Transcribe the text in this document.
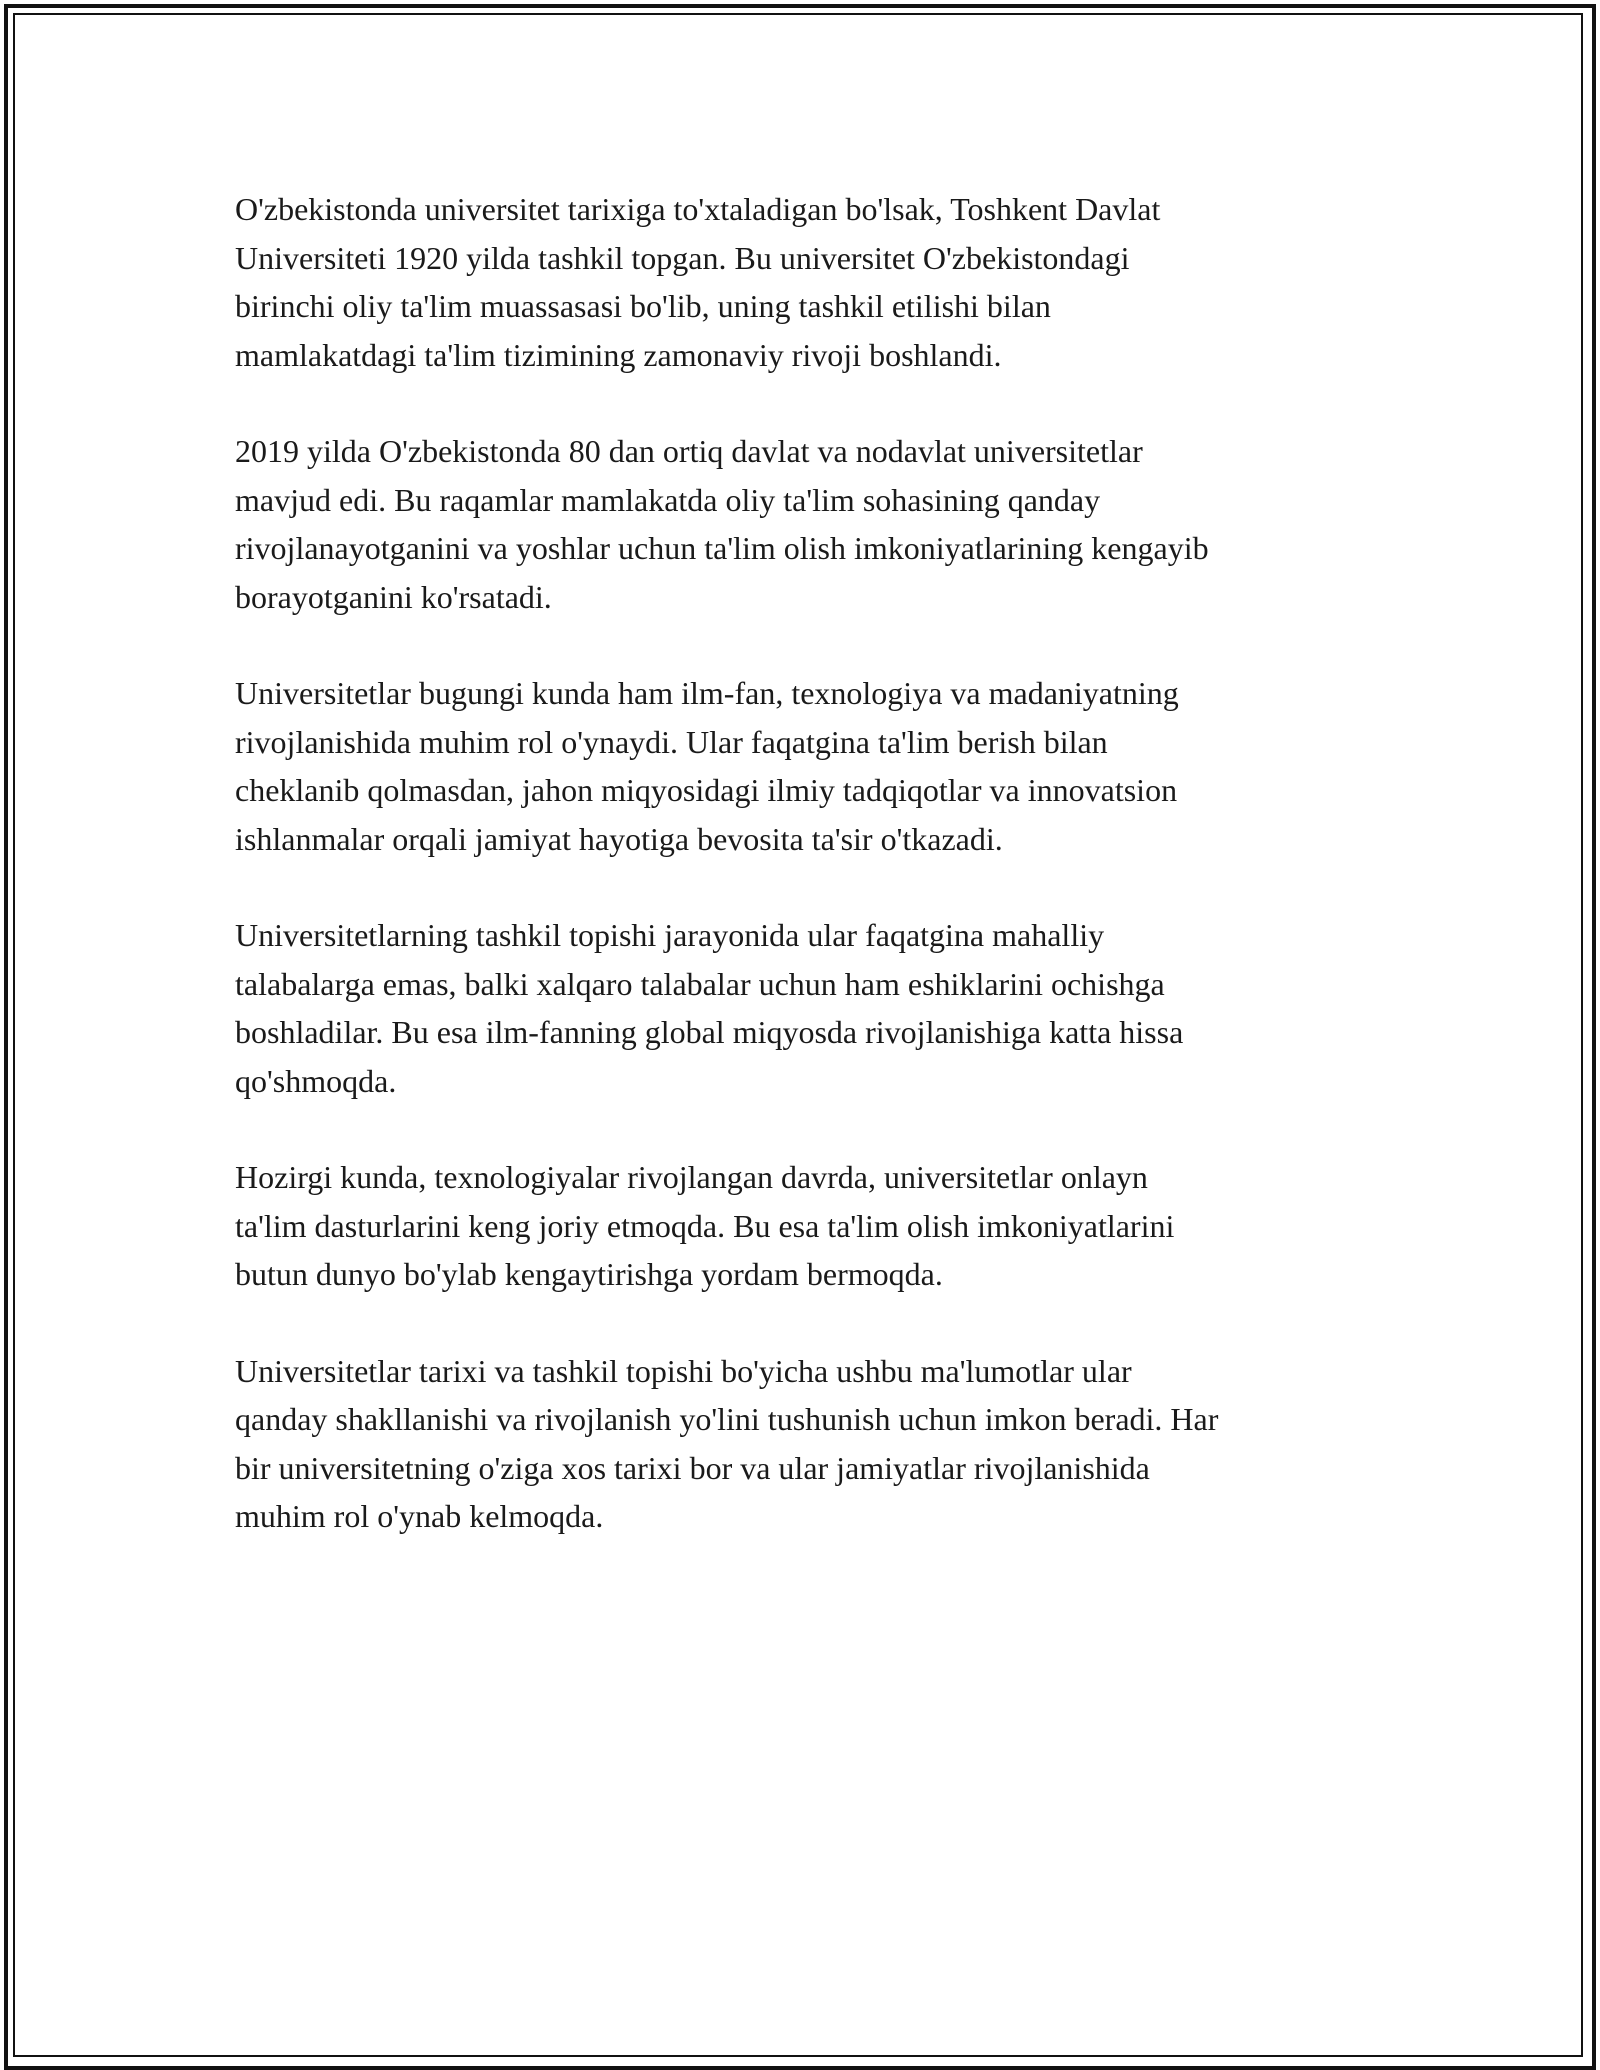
O'zbekistonda universitet tarixiga to'xtaladigan bo'lsak, Toshkent Davlat
Universiteti 1920 yilda tashkil topgan. Bu universitet O'zbekistondagi
birinchi oliy ta'lim muassasasi bo'lib, uning tashkil etilishi bilan
mamlakatdagi ta'lim tizimining zamonaviy rivoji boshlandi.

2019 yilda O'zbekistonda 80 dan ortiq davlat va nodavlat universitetlar
mavjud edi. Bu raqamlar mamlakatda oliy ta'lim sohasining qanday
rivojlanayotganini va yoshlar uchun ta'lim olish imkoniyatlarining kengayib
borayotganini ko'rsatadi.

Universitetlar bugungi kunda ham ilm-fan, texnologiya va madaniyatning
rivojlanishida muhim rol o'ynaydi. Ular faqatgina ta'lim berish bilan
cheklanib qolmasdan, jahon miqyosidagi ilmiy tadqiqotlar va innovatsion
ishlanmalar orqali jamiyat hayotiga bevosita ta'sir o'tkazadi.

Universitetlarning tashkil topishi jarayonida ular faqatgina mahalliy
talabalarga emas, balki xalqaro talabalar uchun ham eshiklarini ochishga
boshladilar. Bu esa ilm-fanning global miqyosda rivojlanishiga katta hissa
qo'shmoqda.

Hozirgi kunda, texnologiyalar rivojlangan davrda, universitetlar onlayn
ta'lim dasturlarini keng joriy etmoqda. Bu esa ta'lim olish imkoniyatlarini
butun dunyo bo'ylab kengaytirishga yordam bermoqda.

Universitetlar tarixi va tashkil topishi bo'yicha ushbu ma'lumotlar ular
qanday shakllanishi va rivojlanish yo'lini tushunish uchun imkon beradi. Har
bir universitetning o'ziga xos tarixi bor va ular jamiyatlar rivojlanishida
muhim rol o'ynab kelmoqda.
